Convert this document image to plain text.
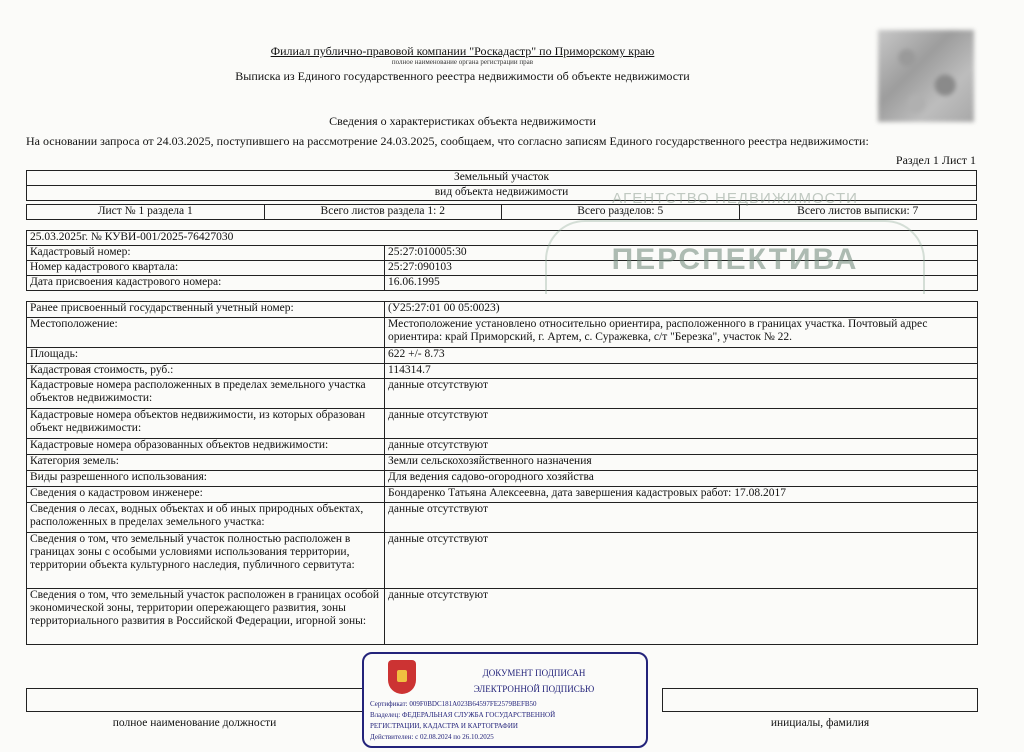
Филиал публично-правовой компании "Роскадастр" по Приморскому краю
полное наименование органа регистрации прав
Выписка из Единого государственного реестра недвижимости об объекте недвижимости
Сведения о характеристиках объекта недвижимости
На основании запроса от 24.03.2025, поступившего на рассмотрение 24.03.2025, сообщаем, что согласно записям Единого государственного реестра недвижимости:
Раздел 1 Лист 1
Земельный участок
вид объекта недвижимости

Лист № 1 раздела 1	Всего листов раздела 1: 2	Всего разделов: 5	Всего листов выписки: 7
25.03.2025г. № КУВИ-001/2025-76427030	
Кадастровый номер:	25:27:010005:30
Номер кадастрового квартала:	25:27:090103
Дата присвоения кадастрового номера:	16.06.1995
Ранее присвоенный государственный учетный номер:	(У25:27:01 00 05:0023)
Местоположение:	Местоположение установлено относительно ориентира, расположенного в границах участка. Почтовый адрес ориентира: край Приморский, г. Артем, с. Суражевка, с/т "Березка", участок № 22.
Площадь:	622 +/- 8.73
Кадастровая стоимость, руб.:	114314.7
Кадастровые номера расположенных в пределах земельного участка объектов недвижимости:	данные отсутствуют
Кадастровые номера объектов недвижимости, из которых образован объект недвижимости:	данные отсутствуют
Кадастровые номера образованных объектов недвижимости:	данные отсутствуют
Категория земель:	Земли сельскохозяйственного назначения
Виды разрешенного использования:	Для ведения садово-огородного хозяйства
Сведения о кадастровом инженере:	Бондаренко Татьяна Алексеевна, дата завершения кадастровых работ: 17.08.2017
Сведения о лесах, водных объектах и об иных природных объектах, расположенных в пределах земельного участка:	данные отсутствуют
Сведения о том, что земельный участок полностью расположен в границах зоны с особыми условиями использования территории, территории объекта культурного наследия, публичного сервитута:	данные отсутствуют
Сведения о том, что земельный участок расположен в границах особой экономической зоны, территории опережающего развития, зоны территориального развития в Российской Федерации, игорной зоны:	данные отсутствуют
АГЕНТСТВО НЕДВИЖИМОСТИ
ПЕРСПЕКТИВА

полное наименование должности		инициалы, фамилия
ДОКУМЕНТ ПОДПИСАН
ЭЛЕКТРОННОЙ ПОДПИСЬЮ
Сертификат: 009F0BDC181A023B64597FE2579BEFB50
Владелец: ФЕДЕРАЛЬНАЯ СЛУЖБА ГОСУДАРСТВЕННОЙ
РЕГИСТРАЦИИ, КАДАСТРА И КАРТОГРАФИИ
Действителен: с 02.08.2024 по 26.10.2025
